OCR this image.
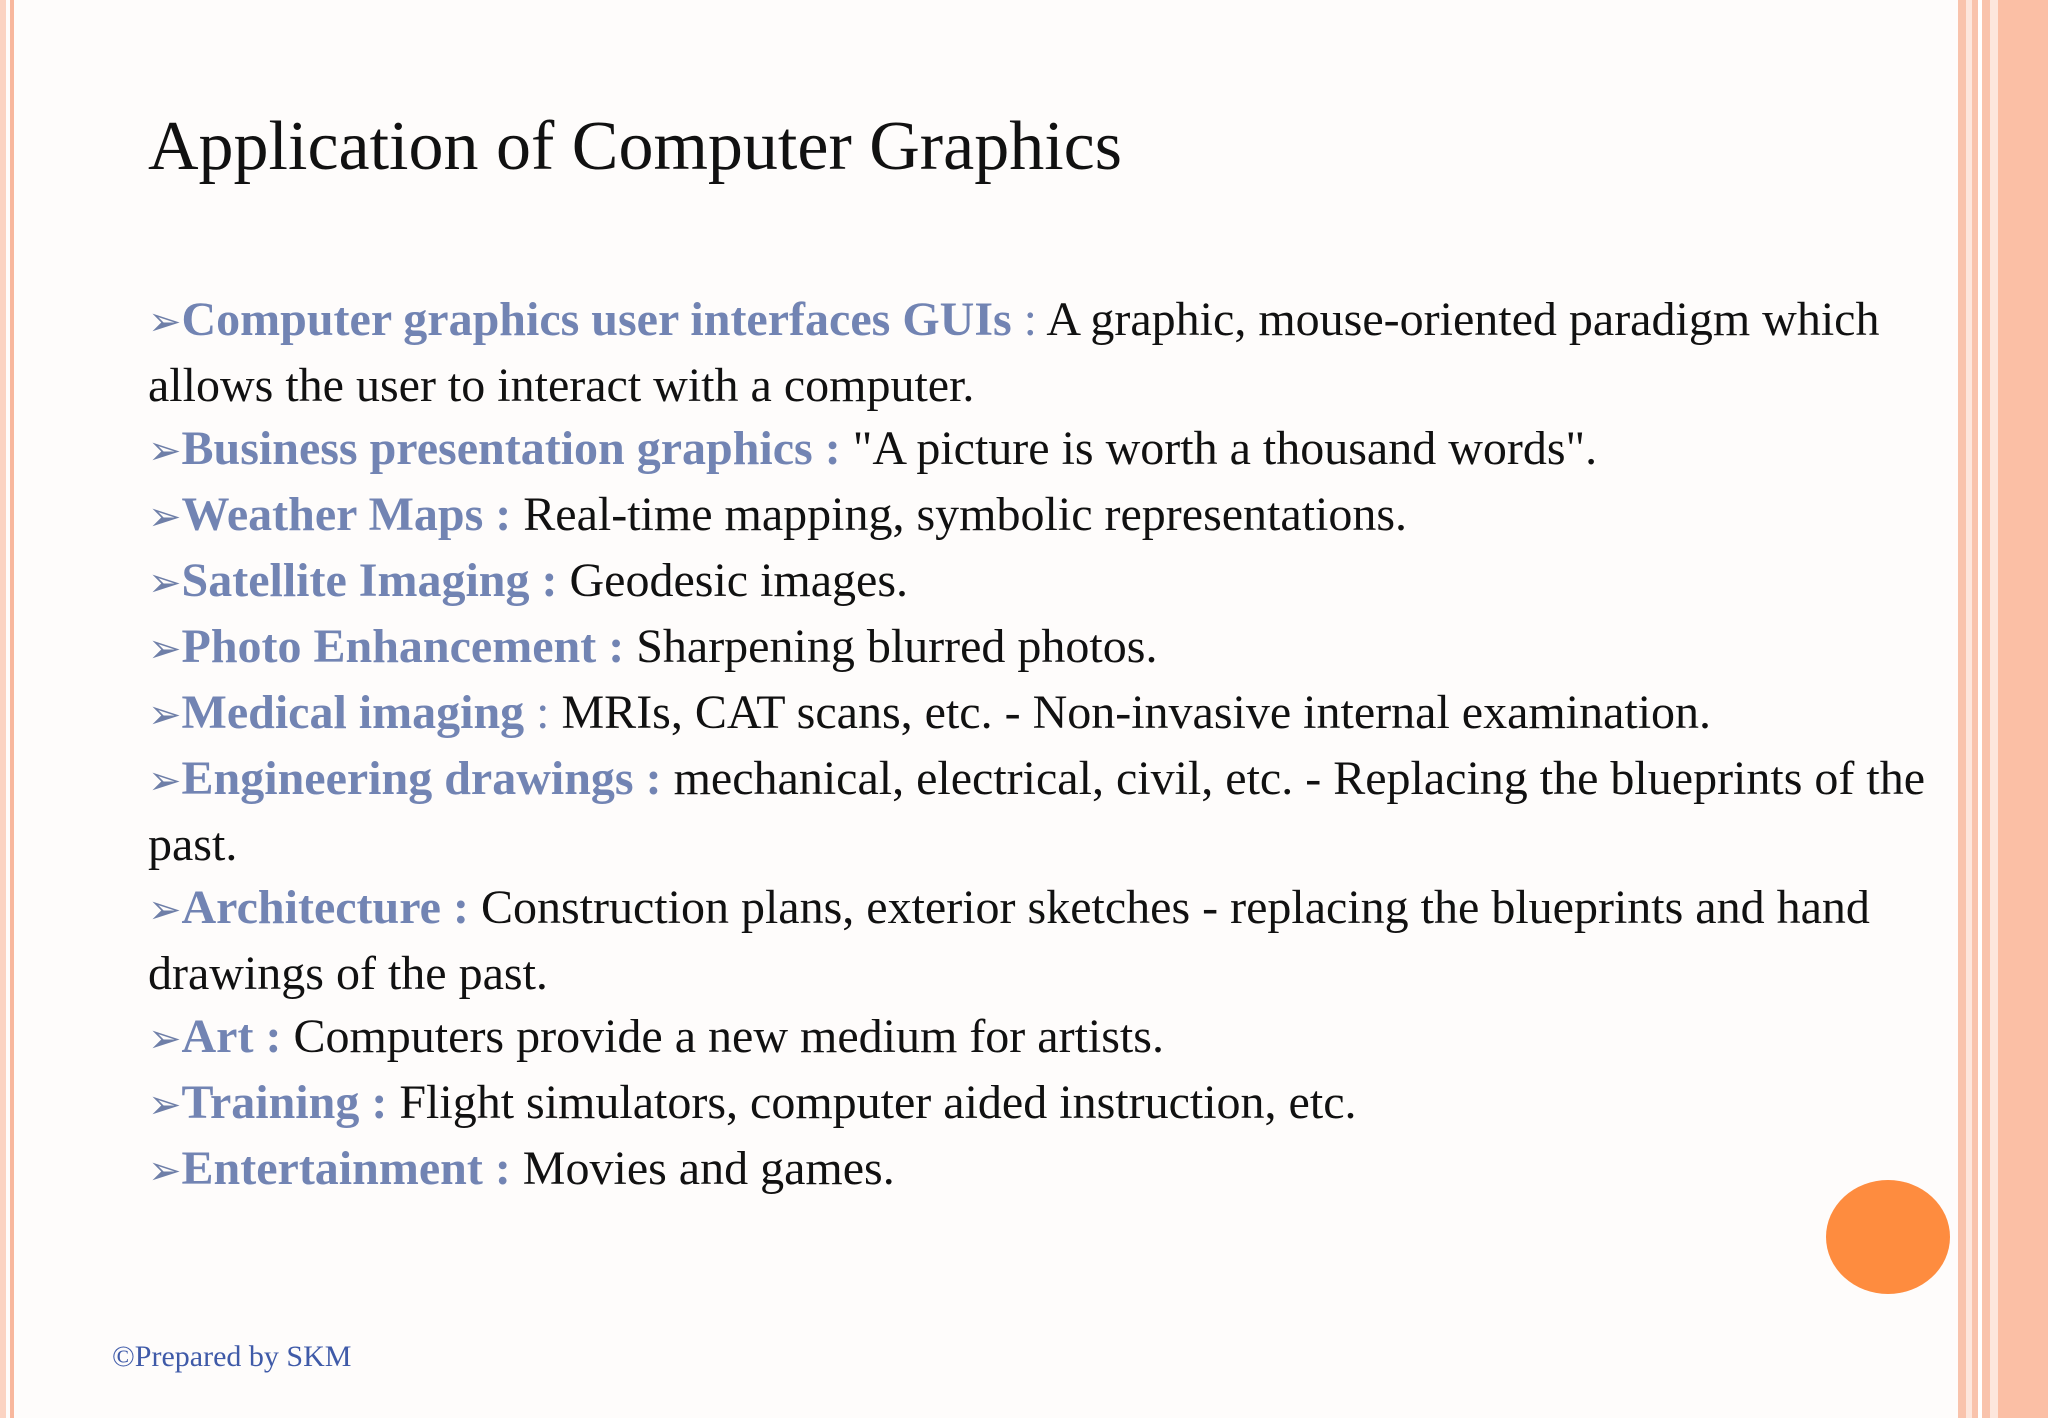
Application of Computer Graphics
➢Computer graphics user interfaces GUIs : A graphic, mouse-oriented paradigm which allows the user to interact with a computer.
➢Business presentation graphics : "A picture is worth a thousand words".
➢Weather Maps : Real-time mapping, symbolic representations.
➢Satellite Imaging : Geodesic images.
➢Photo Enhancement : Sharpening blurred photos.
➢Medical imaging : MRIs, CAT scans, etc. - Non-invasive internal examination.
➢Engineering drawings : mechanical, electrical, civil, etc. - Replacing the blueprints of the past.
➢Architecture : Construction plans, exterior sketches - replacing the blueprints and hand drawings of the past.
➢Art : Computers provide a new medium for artists.
➢Training : Flight simulators, computer aided instruction, etc.
➢Entertainment : Movies and games.
©Prepared by SKM
